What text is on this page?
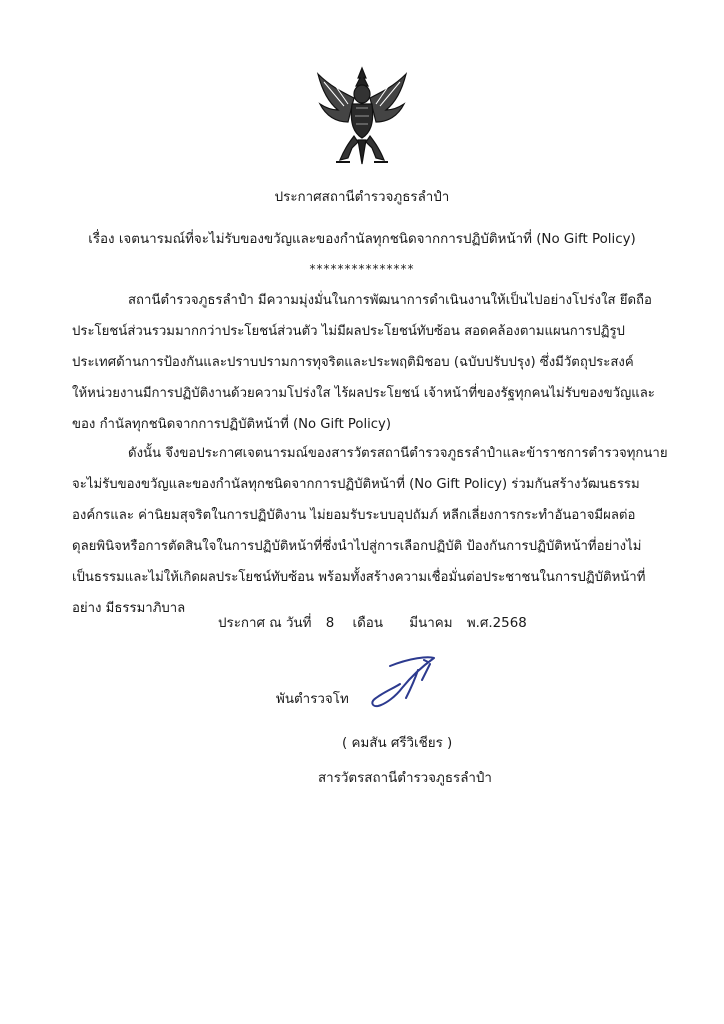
ประกาศสถานีตำรวจภูธรลำปำ
เรื่อง เจตนารมณ์ที่จะไม่รับของขวัญและของกำนัลทุกชนิดจากการปฏิบัติหน้าที่ (No Gift Policy)
***************
สถานีตำรวจภูธรลำปำ มีความมุ่งมั่นในการพัฒนาการดำเนินงานให้เป็นไปอย่างโปร่งใส ยึดถือ
ประโยชน์ส่วนรวมมากกว่าประโยชน์ส่วนตัว ไม่มีผลประโยชน์ทับซ้อน สอดคล้องตามแผนการปฏิรูป
ประเทศด้านการป้องกันและปราบปรามการทุจริตและประพฤติมิชอบ (ฉบับปรับปรุง) ซึ่งมีวัตถุประสงค์
ให้หน่วยงานมีการปฏิบัติงานด้วยความโปร่งใส ไร้ผลประโยชน์ เจ้าหน้าที่ของรัฐทุกคนไม่รับของขวัญและ
ของ กำนัลทุกชนิดจากการปฏิบัติหน้าที่ (No Gift Policy)
ดังนั้น จึงขอประกาศเจตนารมณ์ของสารวัตรสถานีตำรวจภูธรลำปำและข้าราชการตำรวจทุกนาย
จะไม่รับของขวัญและของกำนัลทุกชนิดจากการปฏิบัติหน้าที่ (No Gift Policy) ร่วมกันสร้างวัฒนธรรม
องค์กรและ ค่านิยมสุจริตในการปฏิบัติงาน ไม่ยอมรับระบบอุปถัมภ์ หลีกเลี่ยงการกระทำอันอาจมีผลต่อ
ดุลยพินิจหรือการตัดสินใจในการปฏิบัติหน้าที่ซึ่งนำไปสู่การเลือกปฏิบัติ ป้องกันการปฏิบัติหน้าที่อย่างไม่
เป็นธรรมและไม่ให้เกิดผลประโยชน์ทับซ้อน พร้อมทั้งสร้างความเชื่อมั่นต่อประชาชนในการปฏิบัติหน้าที่
อย่าง มีธรรมาภิบาล
ประกาศ ณ วันที่ 8 เดือน มีนาคม พ.ศ.2568
พันตำรวจโท
( คมสัน ศรีวิเชียร )
สารวัตรสถานีตำรวจภูธรลำปำ
